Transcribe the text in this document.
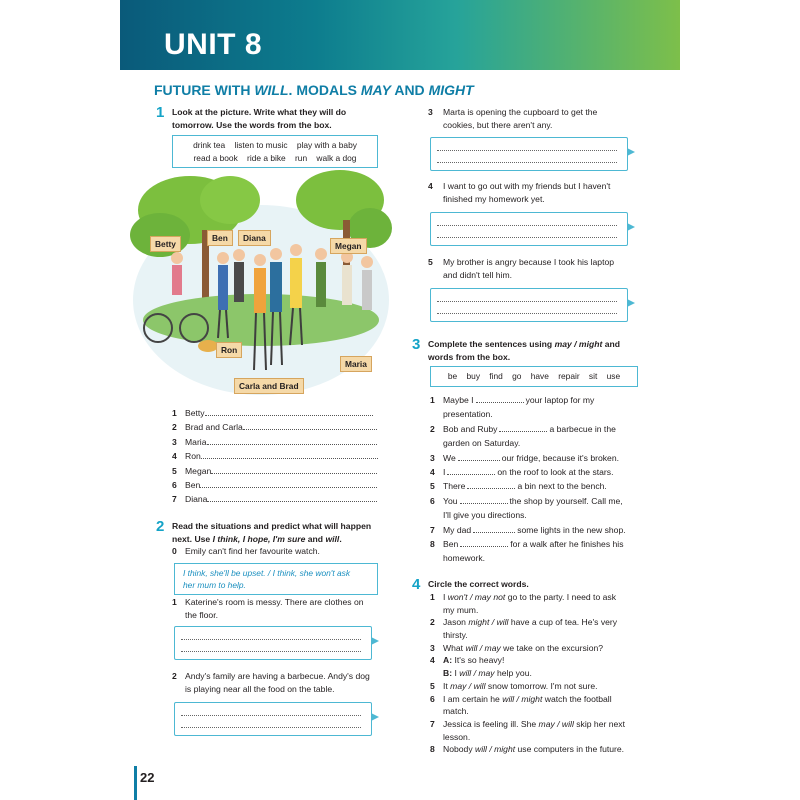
UNIT 8
FUTURE WITH WILL. MODALS MAY AND MIGHT
1 Look at the picture. Write what they will do
tomorrow. Use the words from the box.
drink tea    listen to music    play with a baby
read a book    ride a bike    run    walk a dog
Betty
Ben	Diana
Megan
Ron
Maria
Carla and Brad
1 Betty
2 Brad and Carla
3 Maria
4 Ron
5 Megan
6 Ben
7 Diana
2 Read the situations and predict what will happen
next. Use I think, I hope, I'm sure and will.
0 Emily can't find her favourite watch.
I think, she'll be upset. / I think, she won't ask
her mum to help.
1 Katerine's room is messy. There are clothes on
the floor.
2 Andy's family are having a barbecue. Andy's dog
is playing near all the food on the table.
3 Marta is opening the cupboard to get the
cookies, but there aren't any.
4 I want to go out with my friends but I haven't
finished my homework yet.
5 My brother is angry because I took his laptop
and didn't tell him.
3 Complete the sentences using may / might and
words from the box.
be    buy    find    go    have    repair    sit    use
1 Maybe I	your laptop for my
presentation.
2 Bob and Ruby	a barbecue in the
garden on Saturday.
3 We	our fridge, because it's broken.
4 I	on the roof to look at the stars.
5 There	a bin next to the bench.
6 You	the shop by yourself. Call me,
I'll give you directions.
7 My dad	some lights in the new shop.
8 Ben	for a walk after he finishes his
homework.
4 Circle the correct words.
1 I won't / may not go to the party. I need to ask
my mum.
2 Jason might / will have a cup of tea. He's very
thirsty.
3 What will / may we take on the excursion?
4 A: It's so heavy!
B: I will / may help you.
5 It may / will snow tomorrow. I'm not sure.
6 I am certain he will / might watch the football
match.
7 Jessica is feeling ill. She may / will skip her next
lesson.
8 Nobody will / might use computers in the future.
22
